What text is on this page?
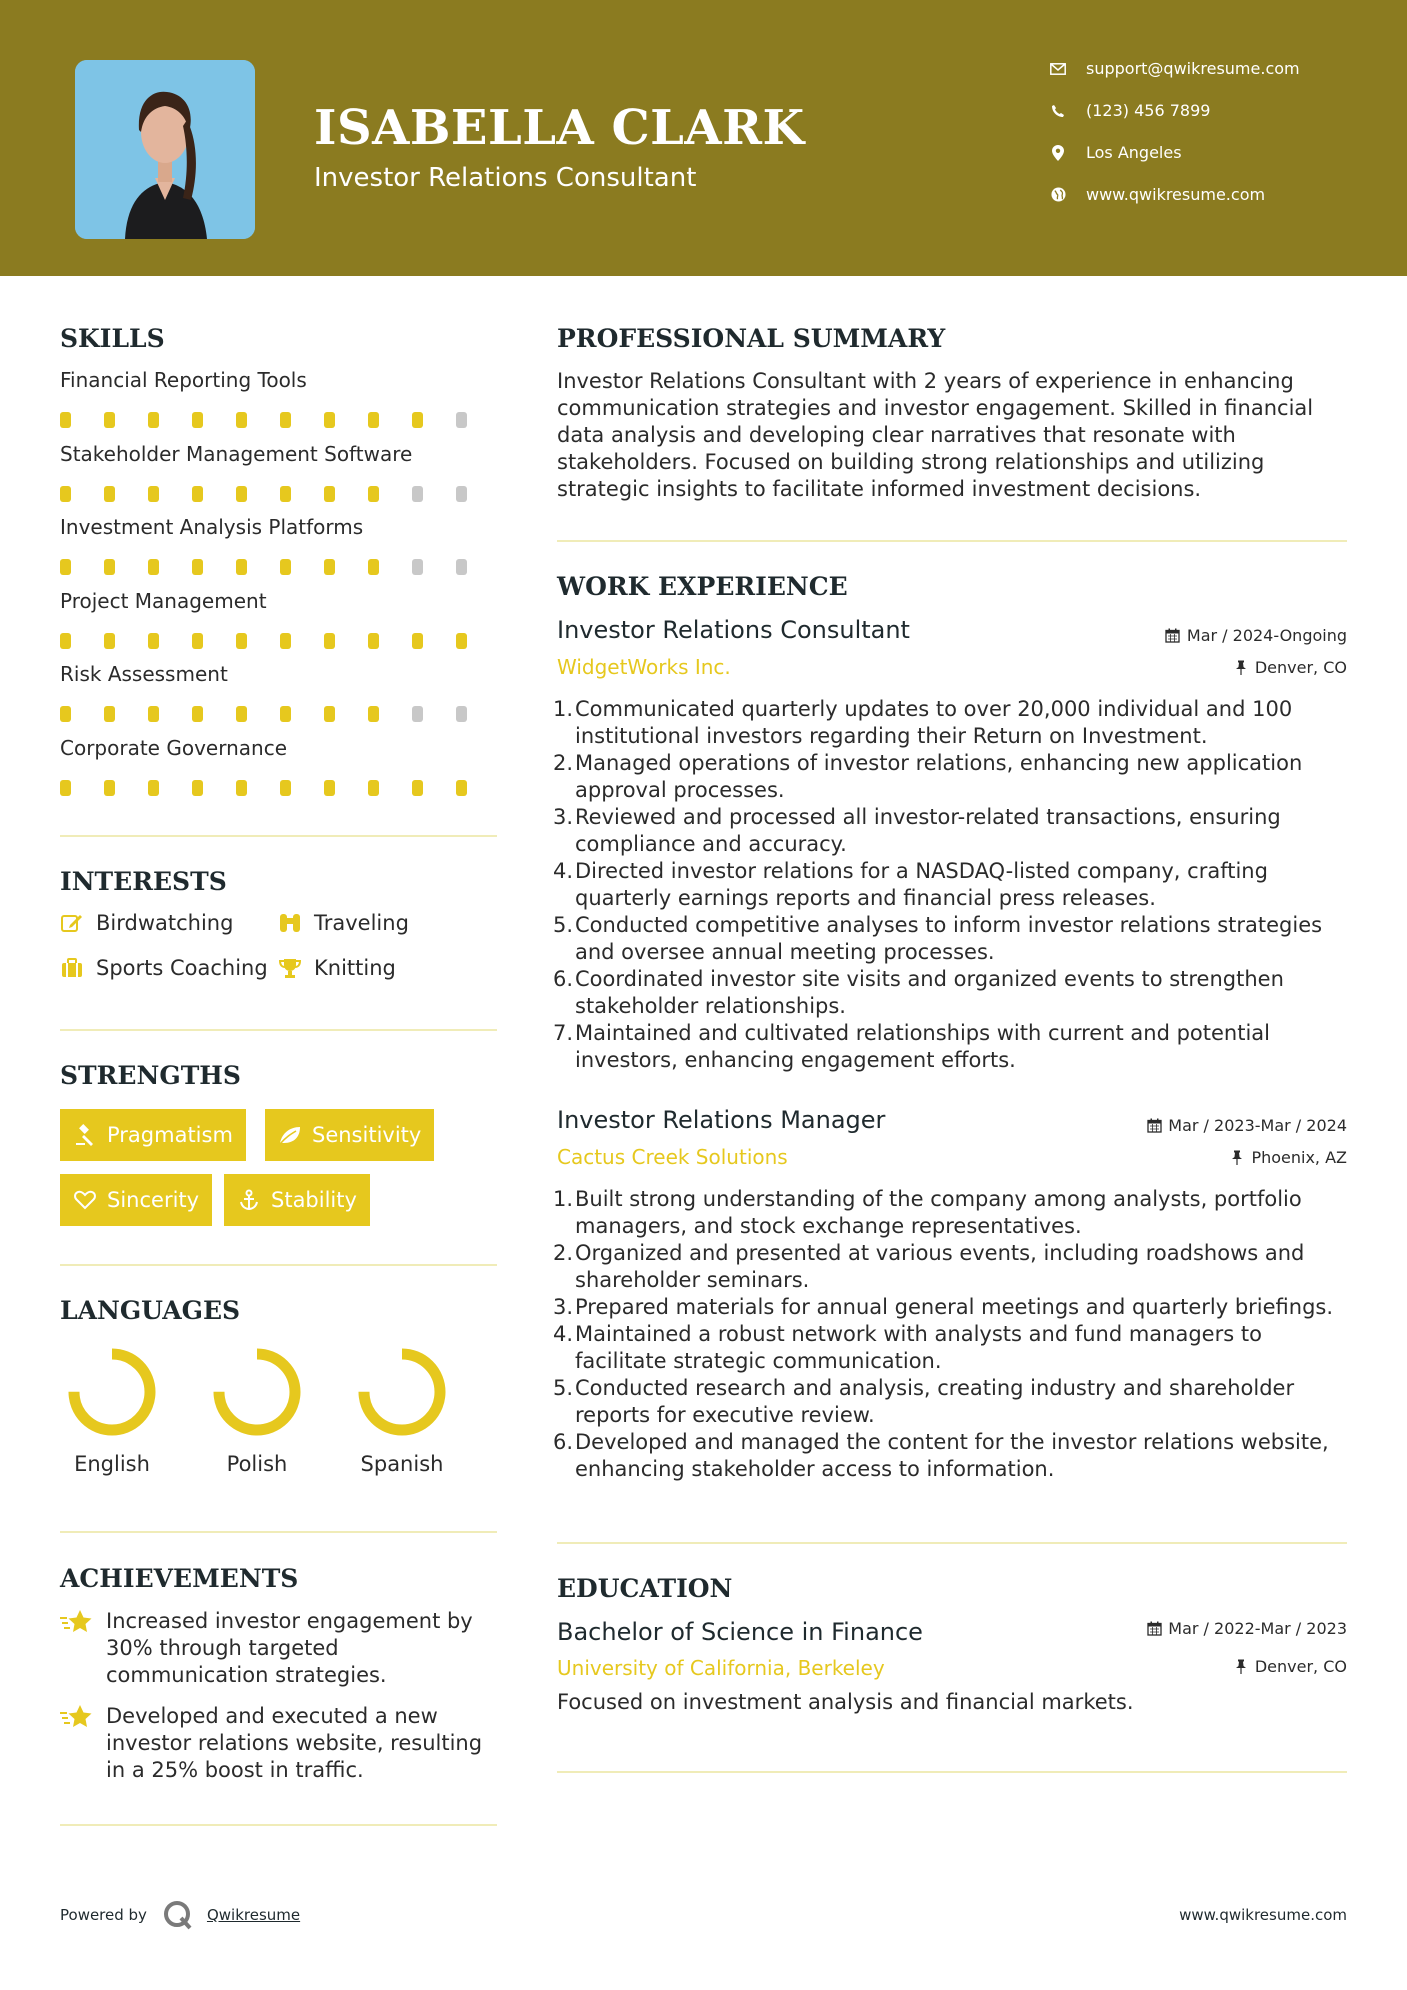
ISABELLA CLARK
Investor Relations Consultant
support@qwikresume.com
(123) 456 7899
Los Angeles
www.qwikresume.com
SKILLS
Financial Reporting Tools
Stakeholder Management Software
Investment Analysis Platforms
Project Management
Risk Assessment
Corporate Governance
INTERESTS
Birdwatching	Traveling
Sports Coaching Knitting
STRENGTHS
Pragmatism	Sensitivity
Sincerity	Stability
LANGUAGES
English	Polish	Spanish
ACHIEVEMENTS
Increased investor engagement by 30% through targeted communication strategies.
Developed and executed a new investor relations website, resulting in a 25% boost in traffic.
PROFESSIONAL SUMMARY
Investor Relations Consultant with 2 years of experience in enhancing communication strategies and investor engagement. Skilled in financial data analysis and developing clear narratives that resonate with stakeholders. Focused on building strong relationships and utilizing strategic insights to facilitate informed investment decisions.
WORK EXPERIENCE
Investor Relations Consultant	Mar / 2024-Ongoing
WidgetWorks Inc.	Denver, CO
Communicated quarterly updates to over 20,000 individual and 100 institutional investors regarding their Return on Investment.
Managed operations of investor relations, enhancing new application approval processes.
Reviewed and processed all investor-related transactions, ensuring compliance and accuracy.
Directed investor relations for a NASDAQ-listed company, crafting quarterly earnings reports and financial press releases.
Conducted competitive analyses to inform investor relations strategies and oversee annual meeting processes.
Coordinated investor site visits and organized events to strengthen stakeholder relationships.
Maintained and cultivated relationships with current and potential investors, enhancing engagement efforts.
Investor Relations Manager	Mar / 2023-Mar / 2024
Cactus Creek Solutions	Phoenix, AZ
Built strong understanding of the company among analysts, portfolio managers, and stock exchange representatives.
Organized and presented at various events, including roadshows and shareholder seminars.
Prepared materials for annual general meetings and quarterly briefings.
Maintained a robust network with analysts and fund managers to facilitate strategic communication.
Conducted research and analysis, creating industry and shareholder reports for executive review.
Developed and managed the content for the investor relations website, enhancing stakeholder access to information.
EDUCATION
Bachelor of Science in Finance	Mar / 2022-Mar / 2023
University of California, Berkeley	Denver, CO
Focused on investment analysis and financial markets.
Powered by	Qwikresume	www.qwikresume.com
